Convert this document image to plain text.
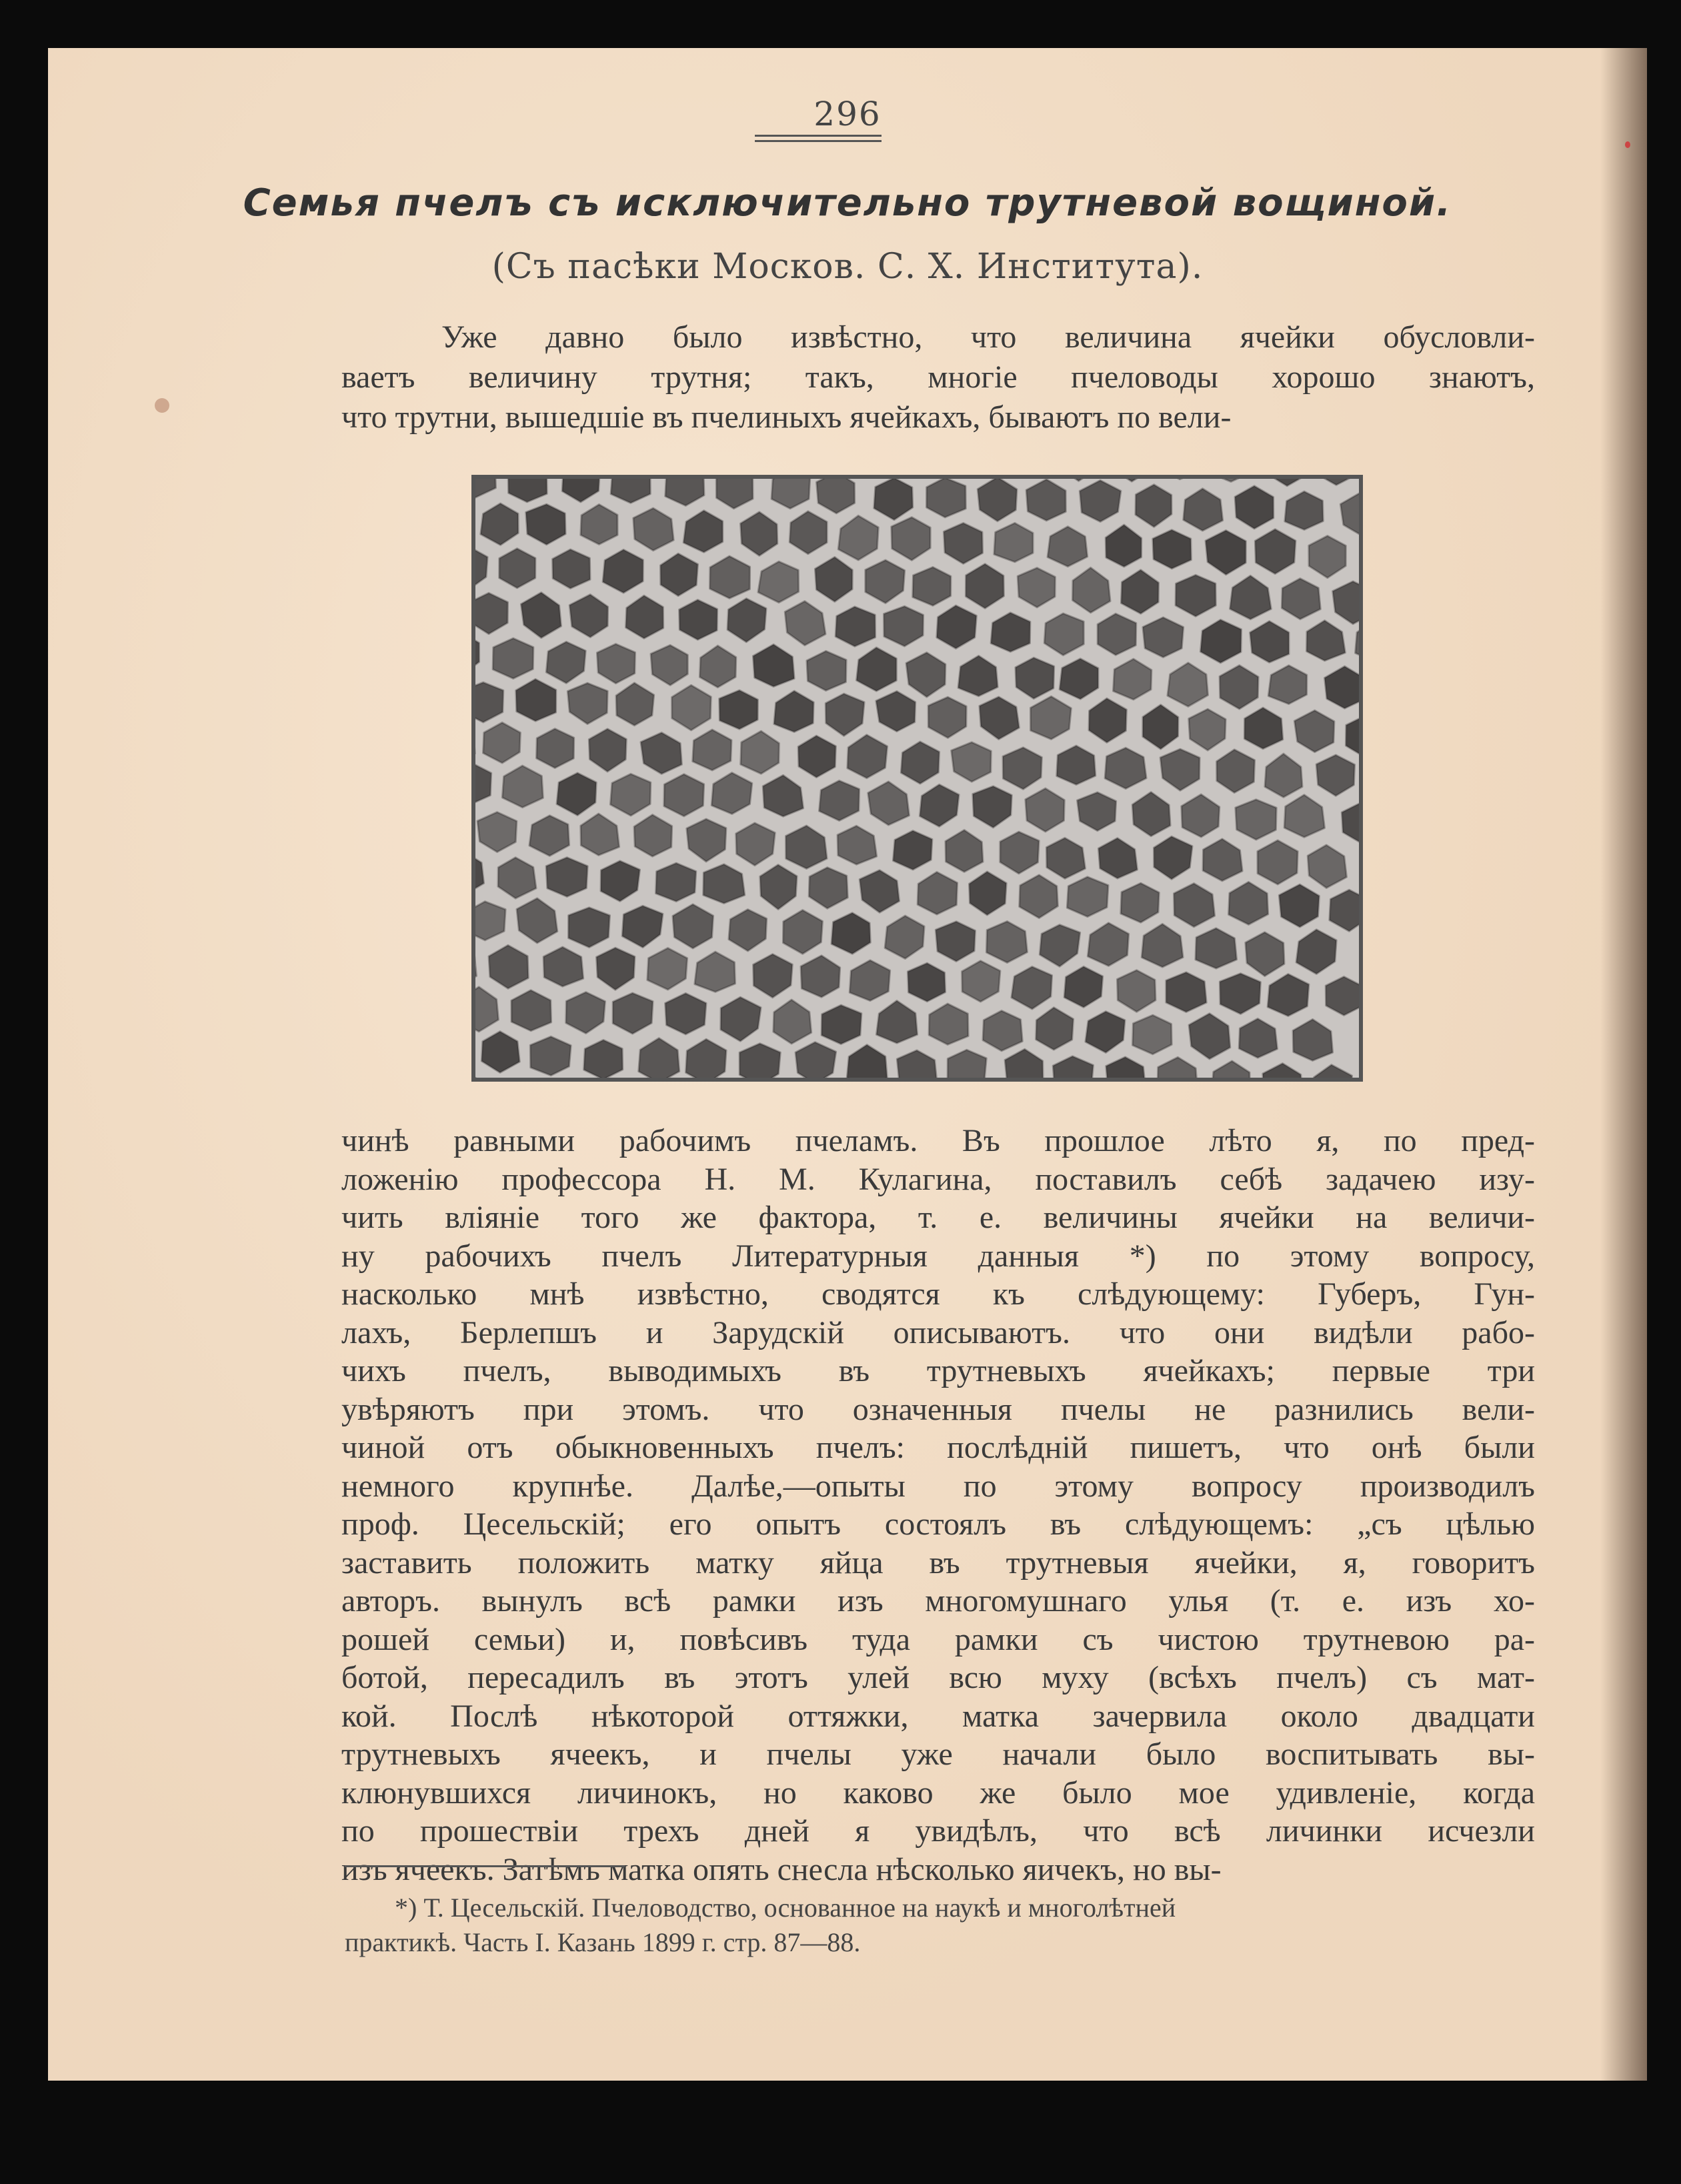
296
Семья пчелъ съ исключительно трутневой вощиной.
(Съ пасѣки Москов. С. Х. Института).
Уже давно было извѣстно, что величина ячейки обусловли-
ваетъ величину трутня; такъ, многіе пчеловоды хорошо знаютъ,
что трутни, вышедшіе въ пчелиныхъ ячейкахъ, бываютъ по вели-
чинѣ равными рабочимъ пчеламъ. Въ прошлое лѣто я, по пред-
ложенію профессора Н. М. Кулагина, поставилъ себѣ задачею изу-
чить вліяніе того же фактора, т. е. величины ячейки на величи-
ну рабочихъ пчелъ Литературныя данныя *) по этому вопросу,
насколько мнѣ извѣстно, сводятся къ слѣдующему: Губеръ, Гун-
лахъ, Берлепшъ и Зарудскій описываютъ. что они видѣли рабо-
чихъ пчелъ, выводимыхъ въ трутневыхъ ячейкахъ; первые три
увѣряютъ при этомъ. что означенныя пчелы не разнились вели-
чиной отъ обыкновенныхъ пчелъ: послѣдній пишетъ, что онѣ были
немного крупнѣе. Далѣе,—опыты по этому вопросу производилъ
проф. Цесельскій; его опытъ состоялъ въ слѣдующемъ: „съ цѣлью
заставить положить матку яйца въ трутневыя ячейки, я, говоритъ
авторъ. вынулъ всѣ рамки изъ многомушнаго улья (т. е. изъ хо-
рошей семьи) и, повѣсивъ туда рамки съ чистою трутневою ра-
ботой, пересадилъ въ этотъ улей всю муху (всѣхъ пчелъ) съ мат-
кой. Послѣ нѣкоторой оттяжки, матка зачервила около двадцати
трутневыхъ ячеекъ, и пчелы уже начали было воспитывать вы-
клюнувшихся личинокъ, но каково же было мое удивленіе, когда
по прошествіи трехъ дней я увидѣлъ, что всѣ личинки исчезли
изъ ячеекъ. Затѣмъ матка опять снесла нѣсколько яичекъ, но вы-
*) Т. Цесельскій. Пчеловодство, основанное на наукѣ и многолѣтней
практикѣ. Часть І. Казань 1899 г. стр. 87—88.
